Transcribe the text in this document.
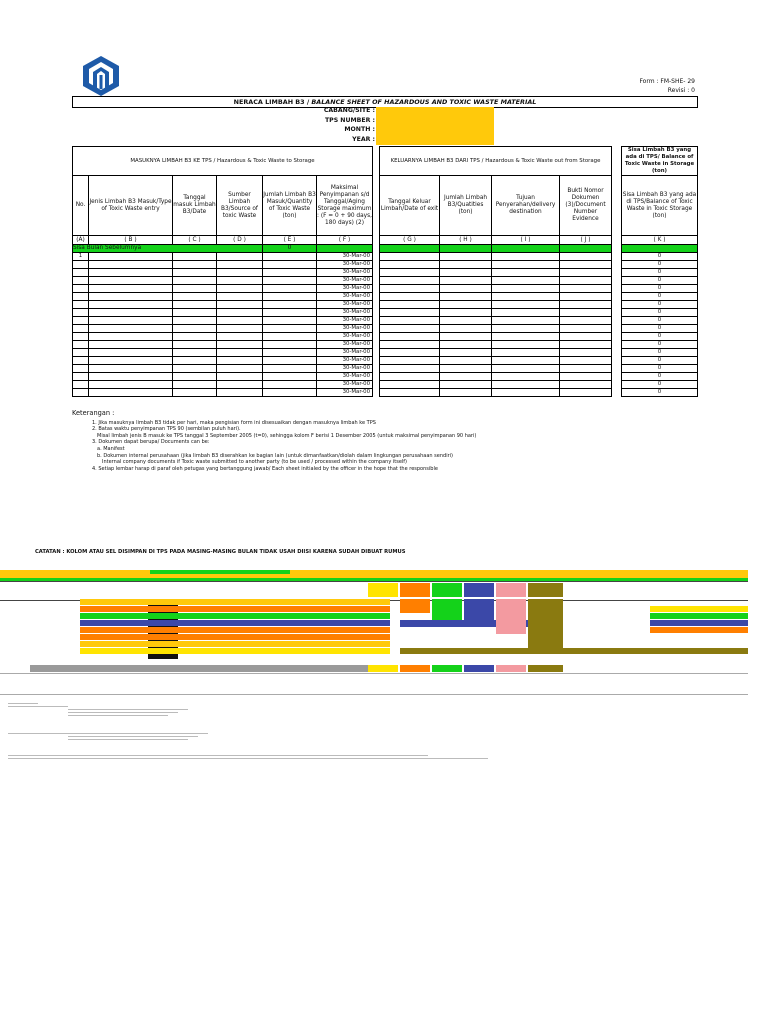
Form : FM-SHE- 29
Revisi : 0
NERACA LIMBAH B3 / BALANCE SHEET OF HAZARDOUS AND TOXIC WASTE MATERIAL
CABANG/SITE :
TPS NUMBER :
MONTH :
YEAR :
MASUKNYA LIMBAH B3 KE TPS / Hazardous & Toxic Waste to Storage								KELUARNYA LIMBAH B3 DARI TPS / Hazardous & Toxic Waste out from Storage					Sisa Limbah B3 yang ada di TPS/ Balance of Toxic Waste in Storage (ton)
No.	Jenis Limbah B3 Masuk/Type of Toxic Waste entry	Tanggal masuk Limbah B3/Date	Sumber Limbah B3/Source of toxic Waste	Jumlah Limbah B3 Masuk/Quantity of Toxic Waste (ton)	Maksimal Penyimpanan s/d Tanggal/Aging Storage maximum : (F = 0 + 90 days, 180 days) (2)			Tanggal Keluar Limbah/Date of exit	Jumlah Limbah B3/Quatities (ton)	Tujuan Penyerahan/delivery destination	Bukti Nomor Dokumen (3)/Document Number Evidence		Sisa Limbah B3 yang ada di TPS/Balance of Toxic Waste in Toxic Storage (ton)
(A)	( B )	( C )	( D )	( E )	( F )			( G )	( H )	( I )	( J )		( K )
Sisa Bulan Sebelumnya				0									
1					30-Mar-00								0
					30-Mar-00								0
					30-Mar-00								0
					30-Mar-00								0
					30-Mar-00								0
					30-Mar-00								0
					30-Mar-00								0
					30-Mar-00								0
					30-Mar-00								0
					30-Mar-00								0
					30-Mar-00								0
					30-Mar-00								0
					30-Mar-00								0
					30-Mar-00								0
					30-Mar-00								0
					30-Mar-00								0
					30-Mar-00								0
					30-Mar-00								0
Keterangan :
1. Jika masuknya limbah B3 tidak per hari, maka pengisian form ini disesuaikan dengan masuknya limbah ke TPS
2. Batas waktu penyimpanan TPS 90 (sembilan puluh hari).
Misal limbah jenis B masuk ke TPS tanggal 3 September 2005 (t=0), sehingga kolom F berisi 1 Desember 2005 (untuk maksimal penyimpanan 90 hari)
3. Dokumen dapat berupa/ Documents can be:
a. Manifest
b. Dokumen internal perusahaan (jika limbah B3 diserahkan ke bagian lain (untuk dimanfaatkan/diolah dalam lingkungan perusahaan sendiri)
Internal company documents if Toxic waste submitted to another party (to be used / processed within the company itself)
4. Setiap lembar harap di paraf oleh petugas yang bertanggung jawab/ Each sheet initialed by the officer in the hope that the responsible
CATATAN : KOLOM ATAU SEL DISIMPAN DI TPS PADA MASING-MASING BULAN TIDAK USAH DIISI KARENA SUDAH DIBUAT RUMUS
